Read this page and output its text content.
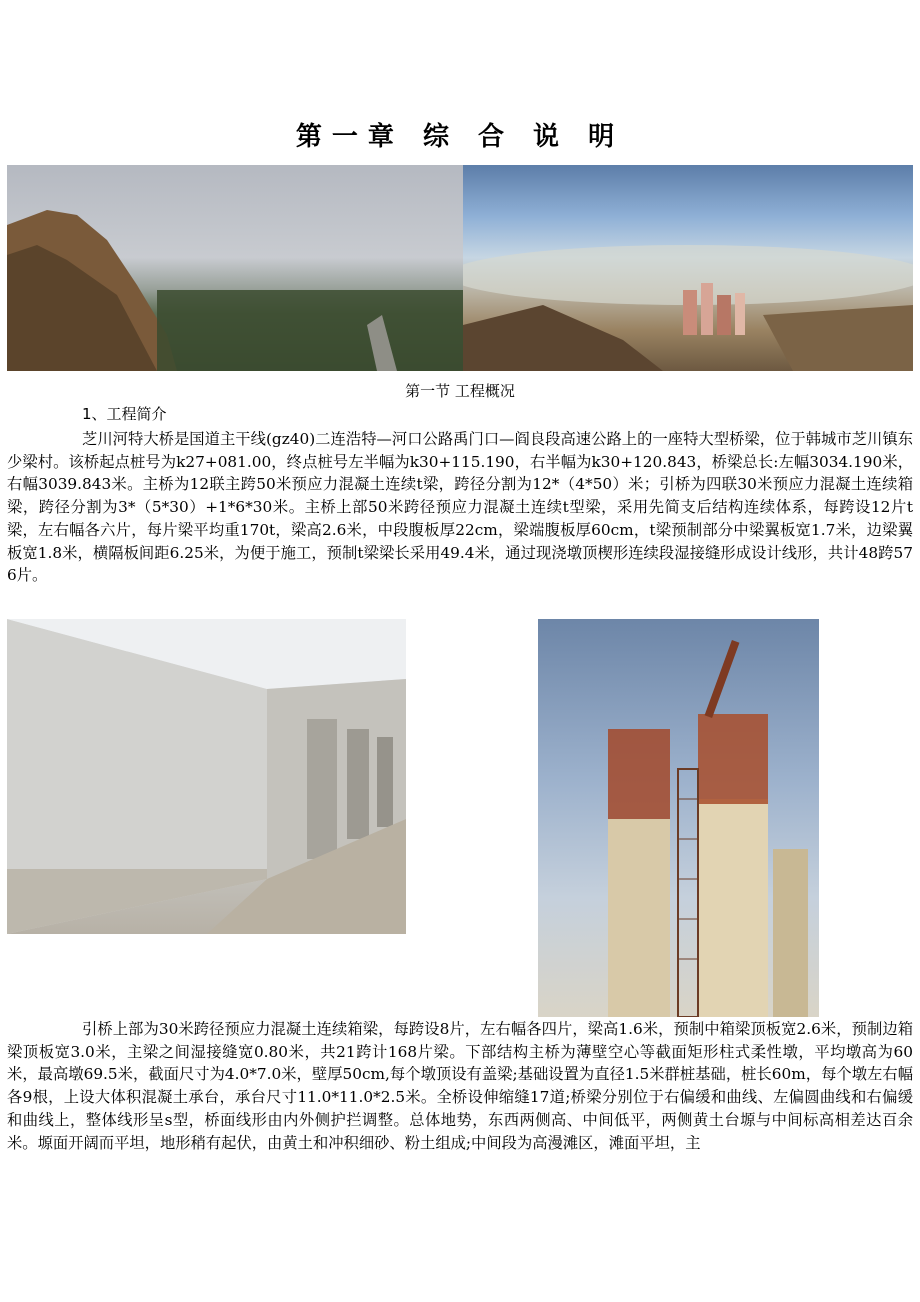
第一章 综 合 说 明
第一节 工程概况
1、工程简介

芝川河特大桥是国道主干线(gz40)二连浩特—河口公路禹门口—阎良段高速公路上的一座特大型桥梁，位于韩城市芝川镇东少梁村。该桥起点桩号为k27+081.00，终点桩号左半幅为k30+115.190，右半幅为k30+120.843，桥梁总长:左幅3034.190米，右幅3039.843米。主桥为12联主跨50米预应力混凝土连续t梁，跨径分割为12*（4*50）米；引桥为四联30米预应力混凝土连续箱梁，跨径分割为3*（5*30）+1*6*30米。主桥上部50米跨径预应力混凝土连续t型梁，采用先简支后结构连续体系，每跨设12片t梁，左右幅各六片，每片梁平均重170t，梁高2.6米，中段腹板厚22cm，梁端腹板厚60cm，t梁预制部分中梁翼板宽1.7米，边梁翼板宽1.8米，横隔板间距6.25米，为便于施工，预制t梁梁长采用49.4米，通过现浇墩顶楔形连续段湿接缝形成设计线形，共计48跨576片。

引桥上部为30米跨径预应力混凝土连续箱梁，每跨设8片，左右幅各四片，梁高1.6米，预制中箱梁顶板宽2.6米，预制边箱梁顶板宽3.0米，主梁之间湿接缝宽0.80米，共21跨计168片梁。下部结构主桥为薄壁空心等截面矩形柱式柔性墩，平均墩高为60米，最高墩69.5米，截面尺寸为4.0*7.0米，壁厚50cm,每个墩顶设有盖梁;基础设置为直径1.5米群桩基础，桩长60m，每个墩左右幅各9根，上设大体积混凝土承台，承台尺寸11.0*11.0*2.5米。全桥设伸缩缝17道;桥梁分别位于右偏缓和曲线、左偏圆曲线和右偏缓和曲线上，整体线形呈s型，桥面线形由内外侧护拦调整。总体地势，东西两侧高、中间低平，两侧黄土台塬与中间标高相差达百余米。塬面开阔而平坦，地形稍有起伏，由黄土和冲积细砂、粉土组成;中间段为高漫滩区，滩面平坦，主
